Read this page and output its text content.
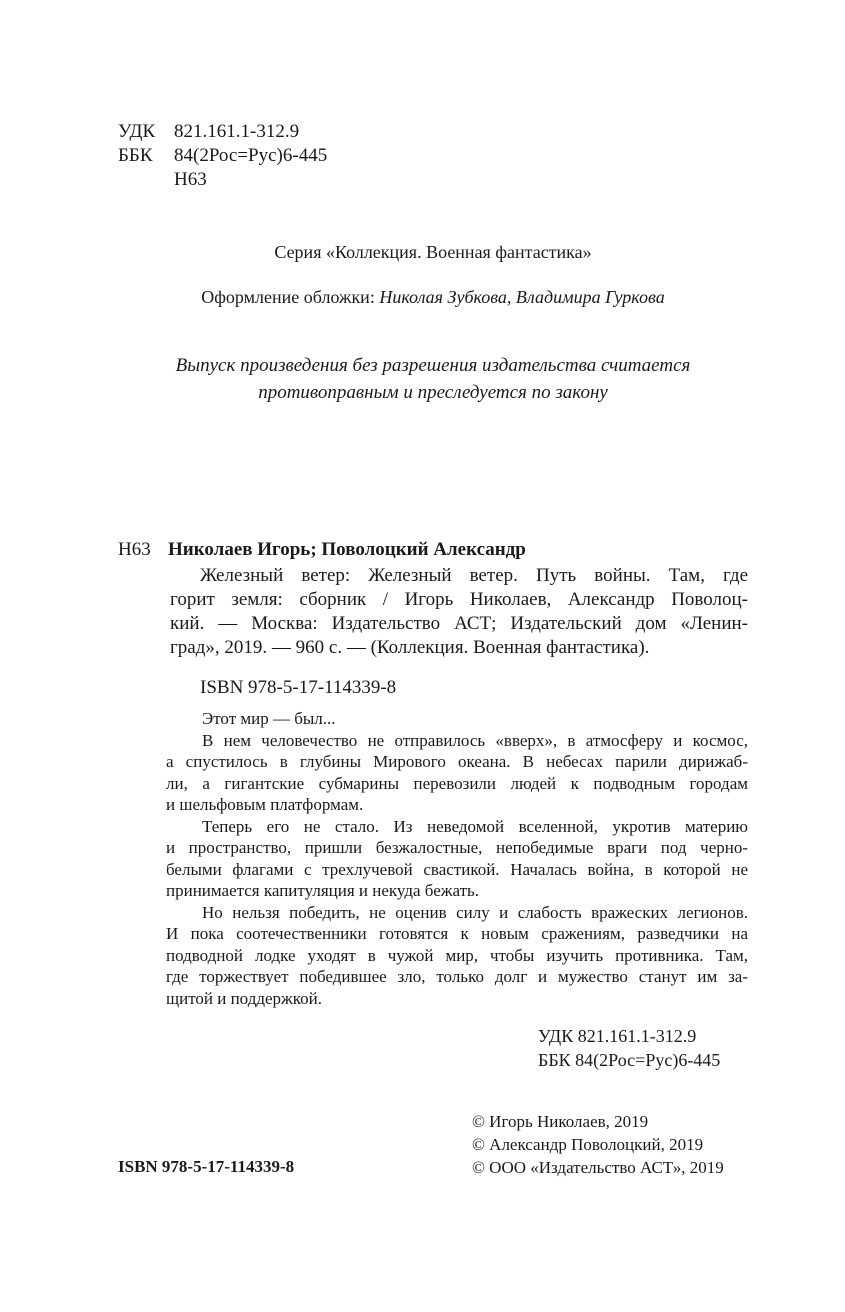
УДК 821.161.1-312.9
ББК 84(2Рос=Рус)6-445
Н63
Серия «Коллекция. Военная фантастика»
Оформление обложки: Николая Зубкова, Владимира Гуркова
Выпуск произведения без разрешения издательства считается
противоправным и преследуется по закону
Н63 Николаев Игорь; Поволоцкий Александр
Железный ветер: Железный ветер. Путь войны. Там, где
горит земля: сборник / Игорь Николаев, Александр Поволоц-
кий. — Москва: Издательство АСТ; Издательский дом «Ленин-
град», 2019. — 960 с. — (Коллекция. Военная фантастика).
ISBN 978-5-17-114339-8
Этот мир — был...
В нем человечество не отправилось «вверх», в атмосферу и космос,
а спустилось в глубины Мирового океана. В небесах парили дирижаб-
ли, а гигантские субмарины перевозили людей к подводным городам
и шельфовым платформам.
Теперь его не стало. Из неведомой вселенной, укротив материю
и пространство, пришли безжалостные, непобедимые враги под черно-
белыми флагами с трехлучевой свастикой. Началась война, в которой не
принимается капитуляция и некуда бежать.
Но нельзя победить, не оценив силу и слабость вражеских легионов.
И пока соотечественники готовятся к новым сражениям, разведчики на
подводной лодке уходят в чужой мир, чтобы изучить противника. Там,
где торжествует победившее зло, только долг и мужество станут им за-
щитой и поддержкой.
УДК 821.161.1-312.9
ББК 84(2Рос=Рус)6-445
© Игорь Николаев, 2019
© Александр Поволоцкий, 2019
© ООО «Издательство АСТ», 2019
ISBN 978-5-17-114339-8
